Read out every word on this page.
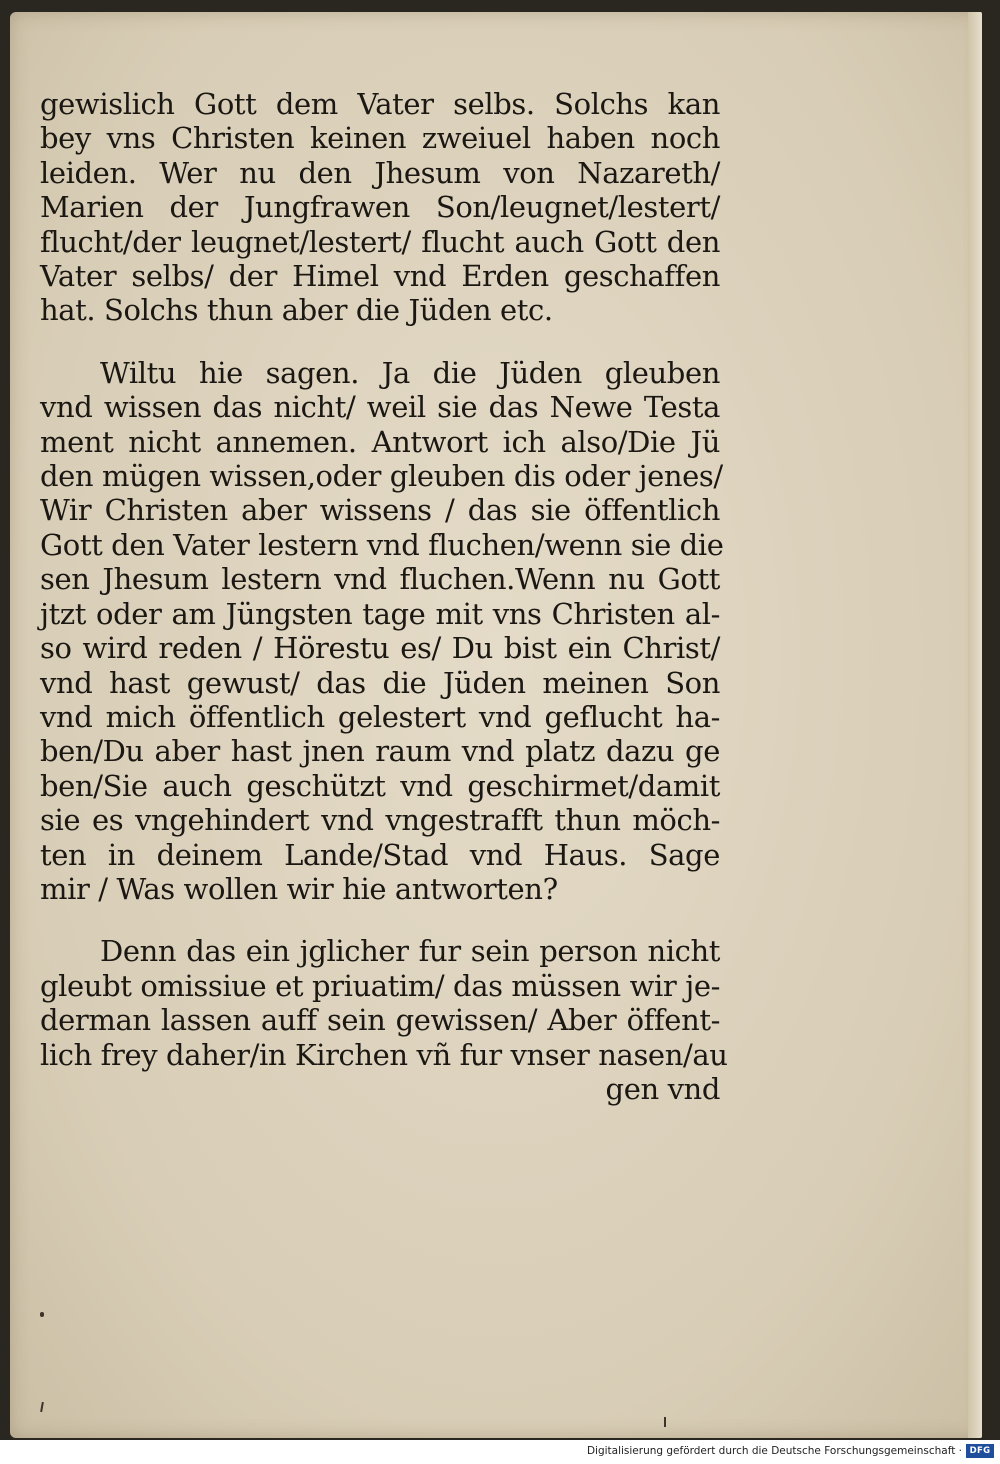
gewislich Gott dem Vater selbs. Solchs kan
bey vns Christen keinen zweiuel haben noch
leiden. Wer nu den Jhesum von Nazareth/
Marien der Jungfrawen Son/leugnet/lestert/
flucht/der leugnet/lestert/ flucht auch Gott den
Vater selbs/ der Himel vnd Erden geschaffen
hat. Solchs thun aber die Jüden etc.

Wiltu hie sagen. Ja die Jüden gleuben
vnd wissen das nicht/ weil sie das Newe Testa
ment nicht annemen. Antwort ich also/Die Jü
den mügen wissen,oder gleuben dis oder jenes/
Wir Christen aber wissens / das sie öffentlich
Gott den Vater lestern vnd fluchen/wenn sie die
sen Jhesum lestern vnd fluchen.Wenn nu Gott
jtzt oder am Jüngsten tage mit vns Christen al-
so wird reden / Hörestu es/ Du bist ein Christ/
vnd hast gewust/ das die Jüden meinen Son
vnd mich öffentlich gelestert vnd geflucht ha-
ben/Du aber hast jnen raum vnd platz dazu ge
ben/Sie auch geschützt vnd geschirmet/damit
sie es vngehindert vnd vngestrafft thun möch-
ten in deinem Lande/Stad vnd Haus. Sage
mir / Was wollen wir hie antworten?

Denn das ein jglicher fur sein person nicht
gleubt omissiue et priuatim/ das müssen wir je-
derman lassen auff sein gewissen/ Aber öffent-
lich frey daher/in Kirchen vñ fur vnser nasen/au
gen vnd

Digitalisierung gefördert durch die Deutsche Forschungsgemeinschaft · DFG
